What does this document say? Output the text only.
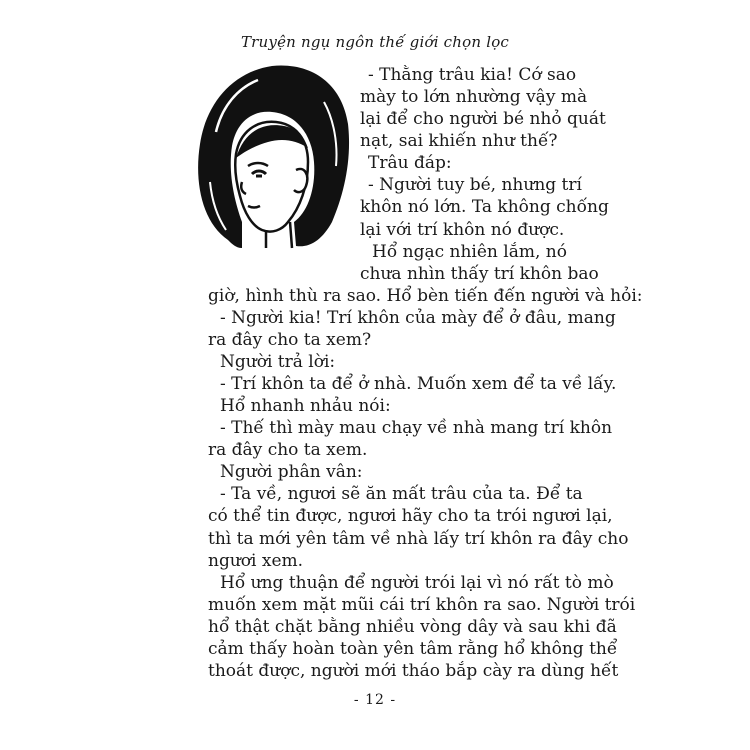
Truyện ngụ ngôn thế giới chọn lọc
- Thằng trâu kia! Cớ sao
mày to lớn nhường vậy mà
lại để cho người bé nhỏ quát
nạt, sai khiến như thế?
Trâu đáp:
- Người tuy bé, nhưng trí
khôn nó lớn. Ta không chống
lại với trí khôn nó được.
Hổ ngạc nhiên lắm, nó
chưa nhìn thấy trí khôn bao
giờ, hình thù ra sao. Hổ bèn tiến đến người và hỏi:
- Người kia! Trí khôn của mày để ở đâu, mang
ra đây cho ta xem?
Người trả lời:
- Trí khôn ta để ở nhà. Muốn xem để ta về lấy.
Hổ nhanh nhảu nói:
- Thế thì mày mau chạy về nhà mang trí khôn
ra đây cho ta xem.
Người phân vân:
- Ta về, ngươi sẽ ăn mất trâu của ta. Để ta
có thể tin được, ngươi hãy cho ta trói ngươi lại,
thì ta mới yên tâm về nhà lấy trí khôn ra đây cho
ngươi xem.
- 12 -
Hổ ưng thuận để người trói lại vì nó rất tò mò
muốn xem mặt mũi cái trí khôn ra sao. Người trói
hổ thật chặt bằng nhiều vòng dây và sau khi đã
cảm thấy hoàn toàn yên tâm rằng hổ không thể
thoát được, người mới tháo bắp cày ra dùng hết
